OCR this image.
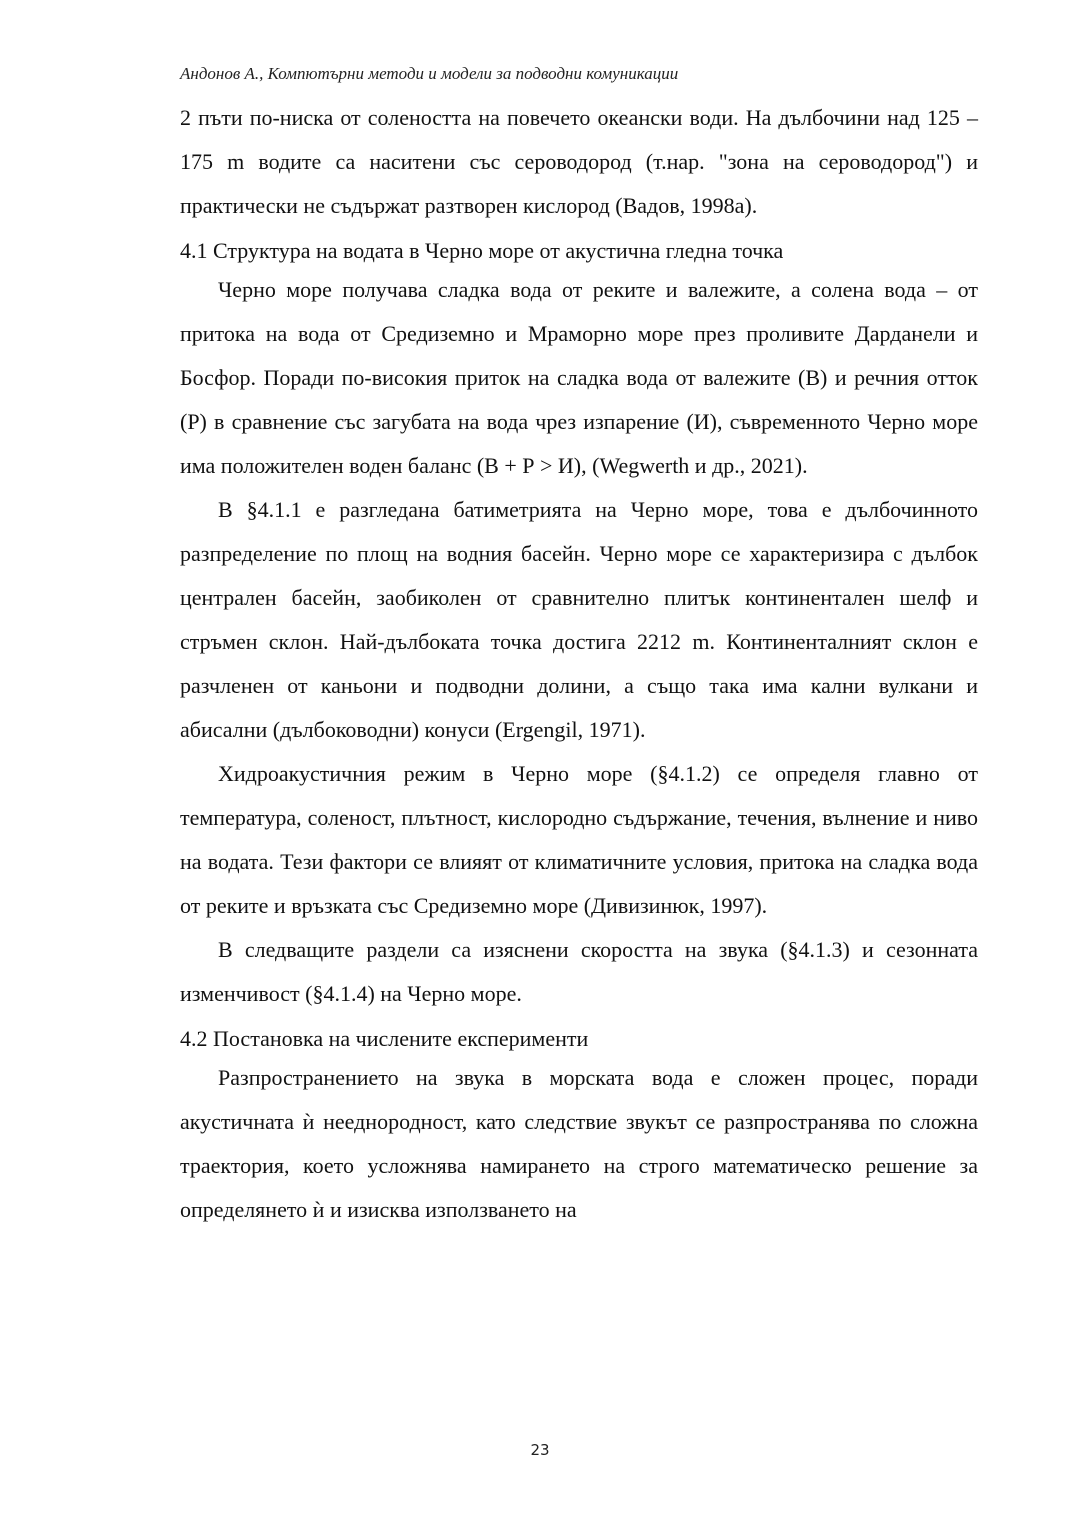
Андонов А., Компютърни методи и модели за подводни комуникации

2 пъти по-ниска от солеността на повечето океански води. На дълбочини над 125 – 175 m водите са наситени със сероводород (т.нар. "зона на сероводород") и практически не съдържат разтворен кислород (Вадов, 1998a).

4.1 Структура на водата в Черно море от акустична гледна точка

Черно море получава сладка вода от реките и валежите, а солена вода – от притока на вода от Средиземно и Мраморно море през проливите Дарданели и Босфор. Поради по-високия приток на сладка вода от валежите (В) и речния отток (Р) в сравнение със загубата на вода чрез изпарение (И), съвременното Черно море има положителен воден баланс (В + Р > И), (Wegwerth и др., 2021).

В §4.1.1 е разгледана батиметрията на Черно море, това е дълбочинното разпределение по площ на водния басейн. Черно море се характеризира с дълбок централен басейн, заобиколен от сравнително плитък континентален шелф и стръмен склон. Най-дълбоката точка достига 2212 m. Континенталният склон е разчленен от каньони и подводни долини, а също така има кални вулкани и абисални (дълбоководни) конуси (Ergengil, 1971).

Хидроакустичния режим в Черно море (§4.1.2) се определя главно от температура, соленост, плътност, кислородно съдържание, течения, вълнение и ниво на водата. Тези фактори се влияят от климатичните условия, притока на сладка вода от реките и връзката със Средиземно море (Дивизинюк, 1997).

В следващите раздели са изяснени скоростта на звука (§4.1.3) и сезонната изменчивост (§4.1.4) на Черно море.

4.2 Постановка на числените експерименти

Разпространението на звука в морската вода е сложен процес, поради акустичната ѝ нееднородност, като следствие звукът се разпространява по сложна траектория, което усложнява намирането на строго математическо решение за определянето ѝ и изисква използването на

23
